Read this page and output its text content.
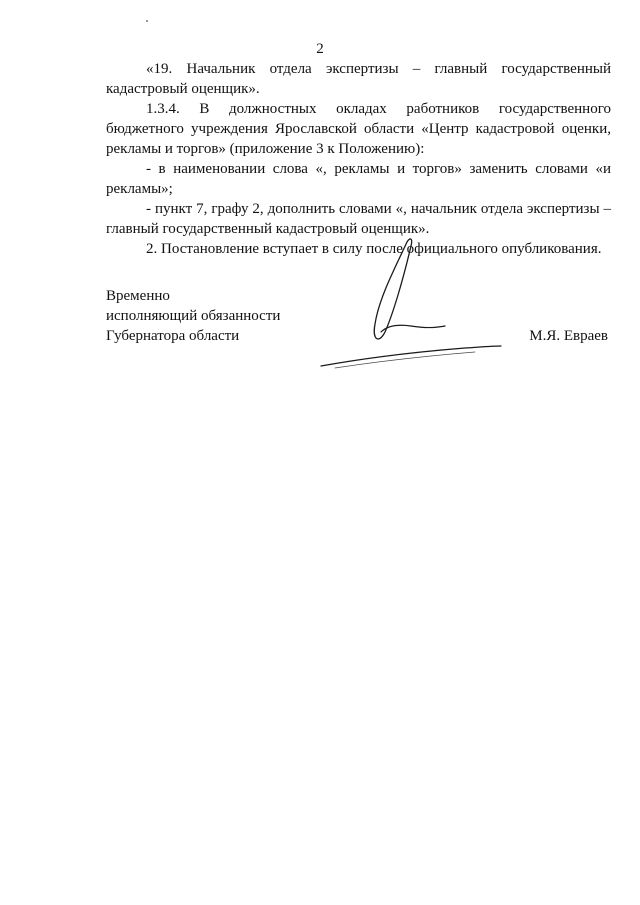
2

«19. Начальник отдела экспертизы – главный государственный кадастровый оценщик».

1.3.4. В должностных окладах работников государственного бюджетного учреждения Ярославской области «Центр кадастровой оценки, рекламы и торгов» (приложение 3 к Положению):

- в наименовании слова «, рекламы и торгов» заменить словами «и рекламы»;

- пункт 7, графу 2, дополнить словами «, начальник отдела экспертизы – главный государственный кадастровый оценщик».

2. Постановление вступает в силу после официального опубликования.

Временно
исполняющий обязанности
Губернатора области	М.Я. Евраев
